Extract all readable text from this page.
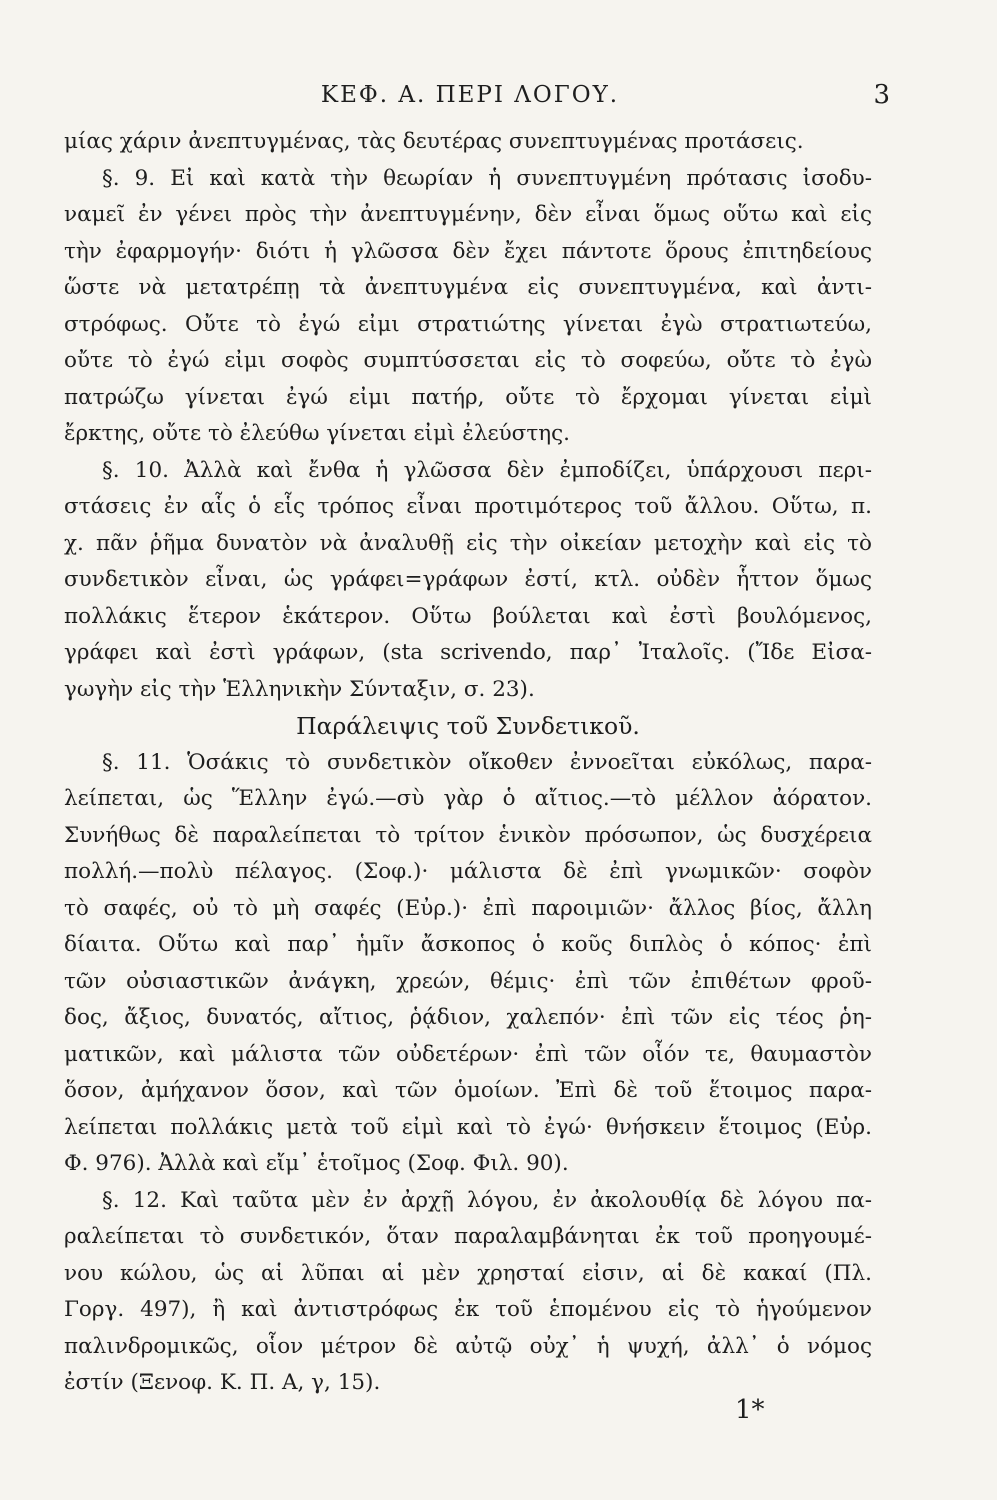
ΚΕΦ. Α. ΠΕΡΙ ΛΟΓΟΥ.	3
μίας χάριν ἀνεπτυγμένας, τὰς δευτέρας συνεπτυγμένας προτάσεις.
§. 9. Εἰ καὶ κατὰ τὴν θεωρίαν ἡ συνεπτυγμένη πρότασις ἰσοδυ-
ναμεῖ ἐν γένει πρὸς τὴν ἀνεπτυγμένην, δὲν εἶναι ὅμως οὕτω καὶ εἰς
τὴν ἐφαρμογήν· διότι ἡ γλῶσσα δὲν ἔχει πάντοτε ὅρους ἐπιτηδείους
ὥστε νὰ μετατρέπῃ τὰ ἀνεπτυγμένα εἰς συνεπτυγμένα, καὶ ἀντι-
στρόφως. Οὔτε τὸ ἐγώ εἰμι στρατιώτης γίνεται ἐγὼ στρατιωτεύω,
οὔτε τὸ ἐγώ εἰμι σοφὸς συμπτύσσεται εἰς τὸ σοφεύω, οὔτε τὸ ἐγὼ
πατρώζω γίνεται ἐγώ εἰμι πατήρ, οὔτε τὸ ἔρχομαι γίνεται εἰμὶ
ἔρκτης, οὔτε τὸ ἐλεύθω γίνεται εἰμὶ ἐλεύστης.
§. 10. Ἀλλὰ καὶ ἔνθα ἡ γλῶσσα δὲν ἐμποδίζει, ὑπάρχουσι περι-
στάσεις ἐν αἷς ὁ εἷς τρόπος εἶναι προτιμότερος τοῦ ἄλλου. Οὕτω, π.
χ. πᾶν ῥῆμα δυνατὸν νὰ ἀναλυθῇ εἰς τὴν οἰκείαν μετοχὴν καὶ εἰς τὸ
συνδετικὸν εἶναι, ὡς γράφει=γράφων ἐστί, κτλ. οὐδὲν ἧττον ὅμως
πολλάκις ἕτερον ἑκάτερον. Οὕτω βούλεται καὶ ἐστὶ βουλόμενος,
γράφει καὶ ἐστὶ γράφων, (sta scrivendo, παρ᾽ Ἰταλοῖς. (Ἴδε Εἰσα-
γωγὴν εἰς τὴν Ἑλληνικὴν Σύνταξιν, σ. 23).
Παράλειψις τοῦ Συνδετικοῦ.
§. 11. Ὁσάκις τὸ συνδετικὸν οἴκοθεν ἐννοεῖται εὐκόλως, παρα-
λείπεται, ὡς Ἕλλην ἐγώ.—σὺ γὰρ ὁ αἴτιος.—τὸ μέλλον ἀόρατον.
Συνήθως δὲ παραλείπεται τὸ τρίτον ἑνικὸν πρόσωπον, ὡς δυσχέρεια
πολλή.—πολὺ πέλαγος. (Σοφ.)· μάλιστα δὲ ἐπὶ γνωμικῶν· σοφὸν
τὸ σαφές, οὐ τὸ μὴ σαφές (Εὐρ.)· ἐπὶ παροιμιῶν· ἄλλος βίος, ἄλλη
δίαιτα. Οὕτω καὶ παρ᾽ ἡμῖν ἄσκοπος ὁ κοῦς διπλὸς ὁ κόπος· ἐπὶ
τῶν οὐσιαστικῶν ἀνάγκη, χρεών, θέμις· ἐπὶ τῶν ἐπιθέτων φροῦ-
δος, ἄξιος, δυνατός, αἴτιος, ῥᾴδιον, χαλεπόν· ἐπὶ τῶν εἰς τέος ῥη-
ματικῶν, καὶ μάλιστα τῶν οὐδετέρων· ἐπὶ τῶν οἷόν τε, θαυμαστὸν
ὅσον, ἀμήχανον ὅσον, καὶ τῶν ὁμοίων. Ἐπὶ δὲ τοῦ ἕτοιμος παρα-
λείπεται πολλάκις μετὰ τοῦ εἰμὶ καὶ τὸ ἐγώ· θνήσκειν ἕτοιμος (Εὐρ.
Φ. 976). Ἀλλὰ καὶ εἴμ᾽ ἑτοῖμος (Σοφ. Φιλ. 90).
§. 12. Καὶ ταῦτα μὲν ἐν ἀρχῇ λόγου, ἐν ἀκολουθίᾳ δὲ λόγου πα-
ραλείπεται τὸ συνδετικόν, ὅταν παραλαμβάνηται ἐκ τοῦ προηγουμέ-
νου κώλου, ὡς αἱ λῦπαι αἱ μὲν χρησταί εἰσιν, αἱ δὲ κακαί (Πλ.
Γοργ. 497), ἢ καὶ ἀντιστρόφως ἐκ τοῦ ἑπομένου εἰς τὸ ἡγούμενον
παλινδρομικῶς, οἷον μέτρον δὲ αὐτῷ οὐχ᾽ ἡ ψυχή, ἀλλ᾽ ὁ νόμος
ἐστίν (Ξενοφ. Κ. Π. Α, γ, 15).
1*
